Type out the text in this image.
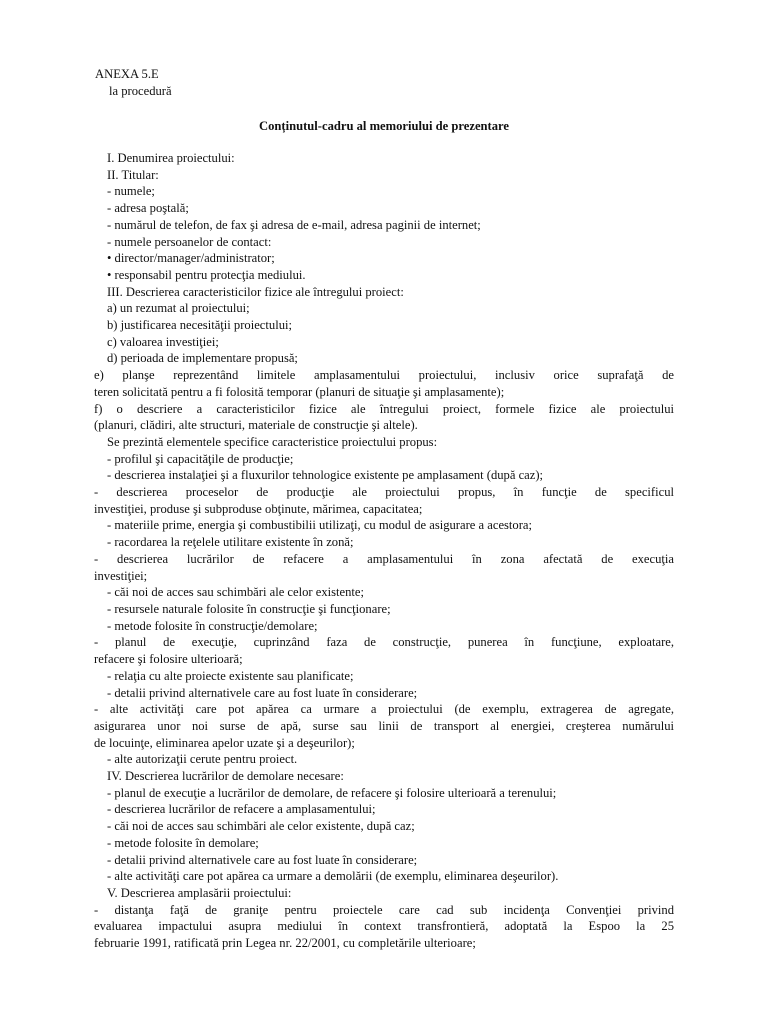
ANEXA 5.E
la procedură
Conținutul-cadru al memoriului de prezentare
I. Denumirea proiectului:
II. Titular:
- numele;
- adresa poştală;
- numărul de telefon, de fax şi adresa de e-mail, adresa paginii de internet;
- numele persoanelor de contact:
• director/manager/administrator;
• responsabil pentru protecţia mediului.
III. Descrierea caracteristicilor fizice ale întregului proiect:
a) un rezumat al proiectului;
b) justificarea necesităţii proiectului;
c) valoarea investiţiei;
d) perioada de implementare propusă;
e) planşe reprezentând limitele amplasamentului proiectului, inclusiv orice suprafaţă de
teren solicitată pentru a fi folosită temporar (planuri de situaţie şi amplasamente);
f) o descriere a caracteristicilor fizice ale întregului proiect, formele fizice ale proiectului
(planuri, clădiri, alte structuri, materiale de construcţie şi altele).
Se prezintă elementele specifice caracteristice proiectului propus:
- profilul şi capacităţile de producţie;
- descrierea instalaţiei şi a fluxurilor tehnologice existente pe amplasament (după caz);
- descrierea proceselor de producţie ale proiectului propus, în funcţie de specificul
investiţiei, produse şi subproduse obţinute, mărimea, capacitatea;
- materiile prime, energia şi combustibilii utilizaţi, cu modul de asigurare a acestora;
- racordarea la reţelele utilitare existente în zonă;
- descrierea lucrărilor de refacere a amplasamentului în zona afectată de execuţia
investiţiei;
- căi noi de acces sau schimbări ale celor existente;
- resursele naturale folosite în construcţie şi funcţionare;
- metode folosite în construcţie/demolare;
- planul de execuţie, cuprinzând faza de construcţie, punerea în funcţiune, exploatare,
refacere şi folosire ulterioară;
- relaţia cu alte proiecte existente sau planificate;
- detalii privind alternativele care au fost luate în considerare;
- alte activităţi care pot apărea ca urmare a proiectului (de exemplu, extragerea de agregate,
asigurarea unor noi surse de apă, surse sau linii de transport al energiei, creşterea numărului
de locuinţe, eliminarea apelor uzate şi a deşeurilor);
- alte autorizaţii cerute pentru proiect.
IV. Descrierea lucrărilor de demolare necesare:
- planul de execuţie a lucrărilor de demolare, de refacere şi folosire ulterioară a terenului;
- descrierea lucrărilor de refacere a amplasamentului;
- căi noi de acces sau schimbări ale celor existente, după caz;
- metode folosite în demolare;
- detalii privind alternativele care au fost luate în considerare;
- alte activităţi care pot apărea ca urmare a demolării (de exemplu, eliminarea deşeurilor).
V. Descrierea amplasării proiectului:
- distanţa faţă de graniţe pentru proiectele care cad sub incidenţa Convenţiei privind
evaluarea impactului asupra mediului în context transfrontieră, adoptată la Espoo la 25
februarie 1991, ratificată prin Legea nr. 22/2001, cu completările ulterioare;
